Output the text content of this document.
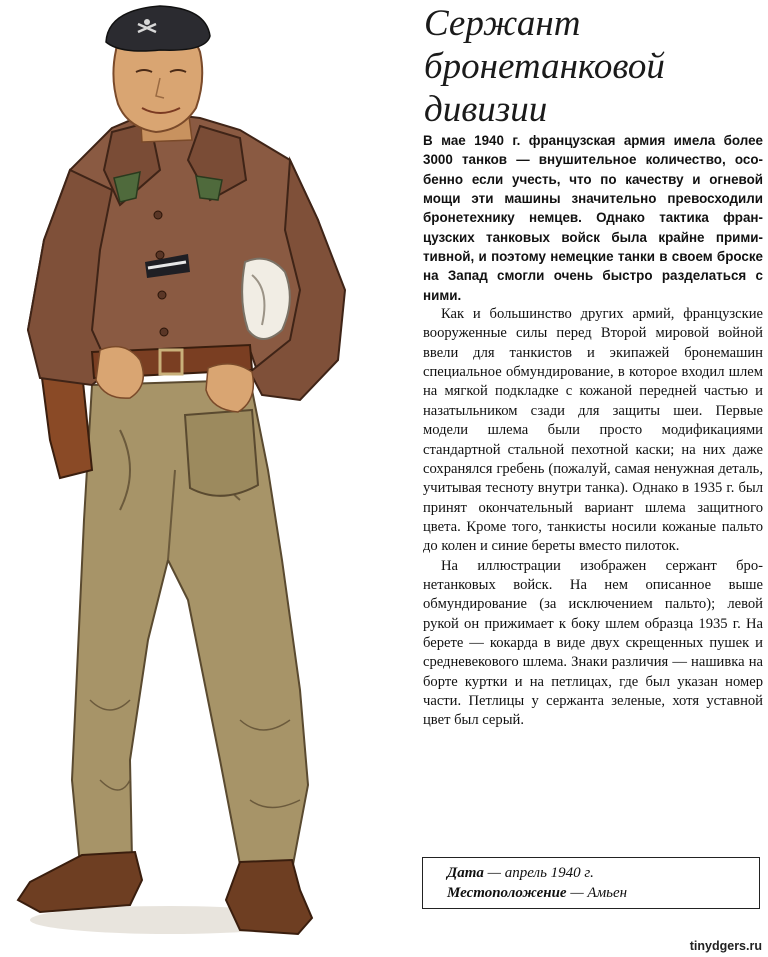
Сержант
бронетанковой
дивизии

В мае 1940 г. французская армия имела более 3000 танков — внушительное количество, особенно если учесть, что по качеству и огневой мощи эти машины значительно превосходили бронетехнику немцев. Однако тактика французских танковых войск была крайне примитивной, и поэтому немецкие танки в своем броске на Запад смогли очень быстро разделаться с ними.

Как и большинство других армий, французские вооруженные силы перед Второй мировой войной ввели для танкистов и экипажей бронемашин специальное обмундирование, в которое входил шлем на мягкой подкладке с кожаной передней частью и назатыльником сзади для защиты шеи. Первые модели шлема были просто модификациями стандартной стальной пехотной каски; на них даже сохранялся гребень (пожалуй, самая ненужная деталь, учитывая тесноту внутри танка). Однако в 1935 г. был принят окончательный вариант шлема защитного цвета. Кроме того, танкисты носили кожаные пальто до колен и синие береты вместо пилоток.

На иллюстрации изображен сержант бронетанковых войск. На нем описанное выше обмундирование (за исключением пальто); левой рукой он прижимает к боку шлем образца 1935 г. На берете — кокарда в виде двух скрещенных пушек и средневекового шлема. Знаки различия — нашивка на борте куртки и на петлицах, где был указан номер части. Петлицы у сержанта зеленые, хотя уставной цвет был серый.

Дата — апрель 1940 г.
Местоположение — Амьен
tinydgers.ru
